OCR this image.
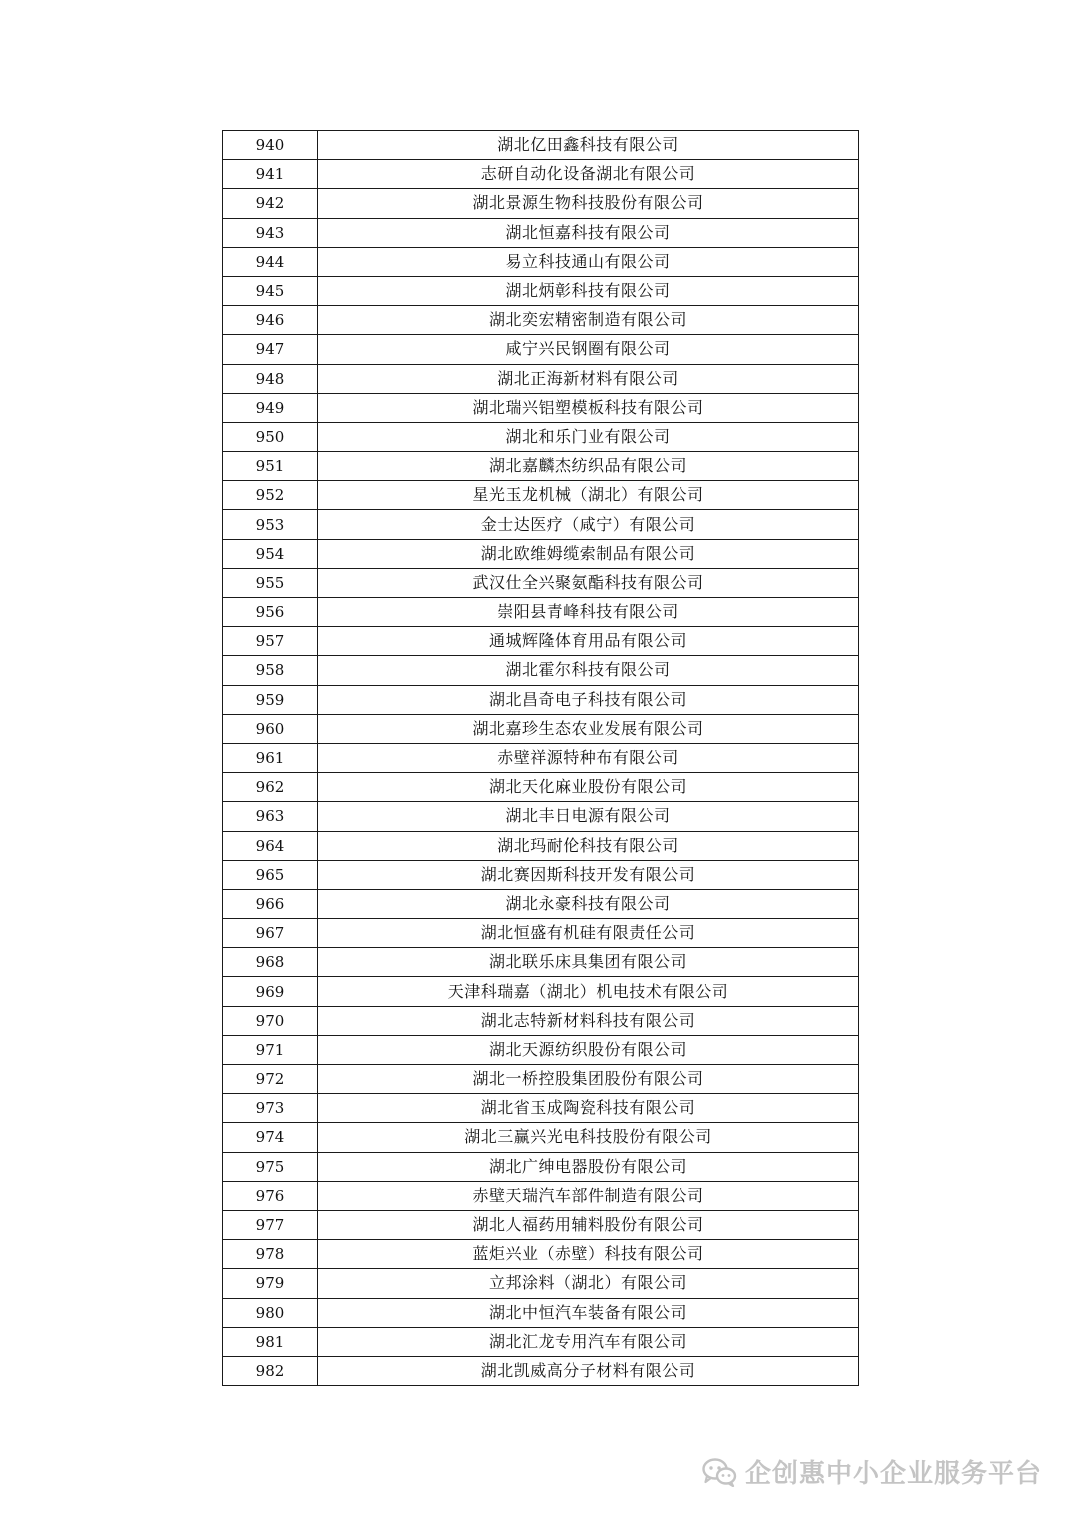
940	湖北亿田鑫科技有限公司
941	志研自动化设备湖北有限公司
942	湖北景源生物科技股份有限公司
943	湖北恒嘉科技有限公司
944	易立科技通山有限公司
945	湖北炳彰科技有限公司
946	湖北奕宏精密制造有限公司
947	咸宁兴民钢圈有限公司
948	湖北正海新材料有限公司
949	湖北瑞兴铝塑模板科技有限公司
950	湖北和乐门业有限公司
951	湖北嘉麟杰纺织品有限公司
952	星光玉龙机械（湖北）有限公司
953	金士达医疗（咸宁）有限公司
954	湖北欧维姆缆索制品有限公司
955	武汉仕全兴聚氨酯科技有限公司
956	崇阳县青峰科技有限公司
957	通城辉隆体育用品有限公司
958	湖北霍尔科技有限公司
959	湖北昌奇电子科技有限公司
960	湖北嘉珍生态农业发展有限公司
961	赤壁祥源特种布有限公司
962	湖北天化麻业股份有限公司
963	湖北丰日电源有限公司
964	湖北玛耐伦科技有限公司
965	湖北赛因斯科技开发有限公司
966	湖北永豪科技有限公司
967	湖北恒盛有机硅有限责任公司
968	湖北联乐床具集团有限公司
969	天津科瑞嘉（湖北）机电技术有限公司
970	湖北志特新材料科技有限公司
971	湖北天源纺织股份有限公司
972	湖北一桥控股集团股份有限公司
973	湖北省玉成陶瓷科技有限公司
974	湖北三赢兴光电科技股份有限公司
975	湖北广绅电器股份有限公司
976	赤壁天瑞汽车部件制造有限公司
977	湖北人福药用辅料股份有限公司
978	蓝炬兴业（赤壁）科技有限公司
979	立邦涂料（湖北）有限公司
980	湖北中恒汽车装备有限公司
981	湖北汇龙专用汽车有限公司
982	湖北凯威高分子材料有限公司
企创惠中小企业服务平台
